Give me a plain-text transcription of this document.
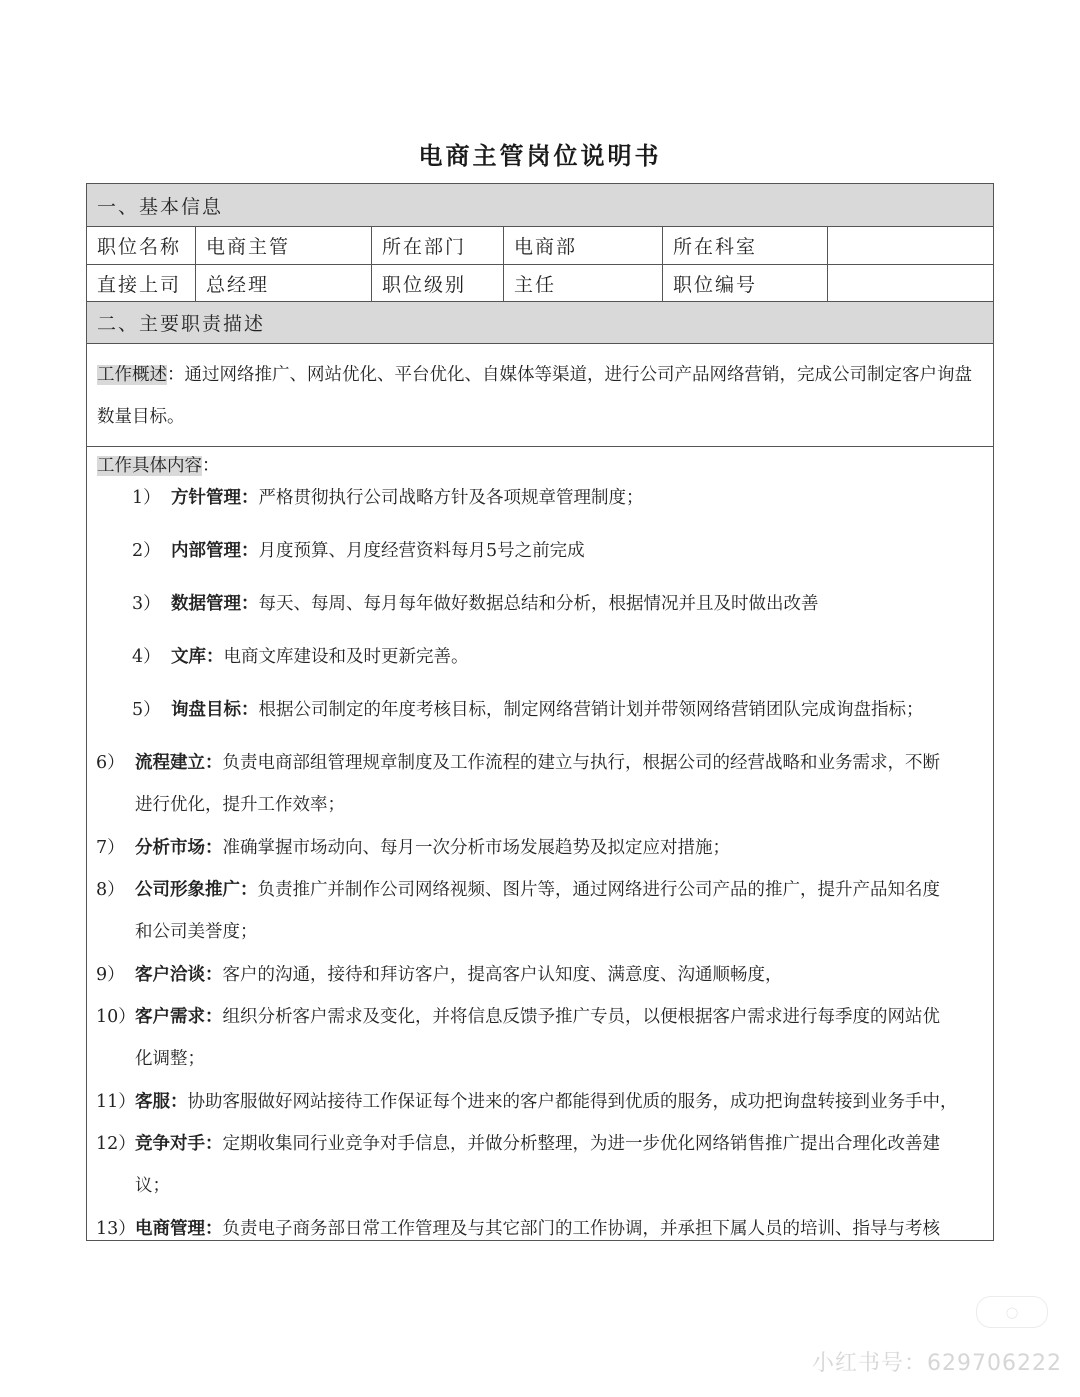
电商主管岗位说明书
一、基本信息
职位名称	电商主管	所在部门	电商部	所在科室
直接上司	总经理	职位级别	主任	职位编号
二、主要职责描述
工作概述：通过网络推广、网站优化、平台优化、自媒体等渠道，进行公司产品网络营销，完成公司制定客户询盘数量目标。
工作具体内容：
1） 方针管理：严格贯彻执行公司战略方针及各项规章管理制度；
2） 内部管理：月度预算、月度经营资料每月5号之前完成
3） 数据管理：每天、每周、每月每年做好数据总结和分析，根据情况并且及时做出改善
4） 文库：电商文库建设和及时更新完善。
5） 询盘目标：根据公司制定的年度考核目标，制定网络营销计划并带领网络营销团队完成询盘指标；
6） 流程建立：负责电商部组管理规章制度及工作流程的建立与执行，根据公司的经营战略和业务需求，不断
进行优化，提升工作效率；
7） 分析市场：准确掌握市场动向、每月一次分析市场发展趋势及拟定应对措施；
8） 公司形象推广：负责推广并制作公司网络视频、图片等，通过网络进行公司产品的推广，提升产品知名度
和公司美誉度；
9） 客户洽谈：客户的沟通，接待和拜访客户，提高客户认知度、满意度、沟通顺畅度，
10） 客户需求：组织分析客户需求及变化，并将信息反馈予推广专员，以便根据客户需求进行每季度的网站优
化调整；
11） 客服：协助客服做好网站接待工作保证每个进来的客户都能得到优质的服务，成功把询盘转接到业务手中，
12） 竞争对手：定期收集同行业竞争对手信息，并做分析整理，为进一步优化网络销售推广提出合理化改善建
议；
13） 电商管理：负责电子商务部日常工作管理及与其它部门的工作协调，并承担下属人员的培训、指导与考核
◯
小红书号：629706222
